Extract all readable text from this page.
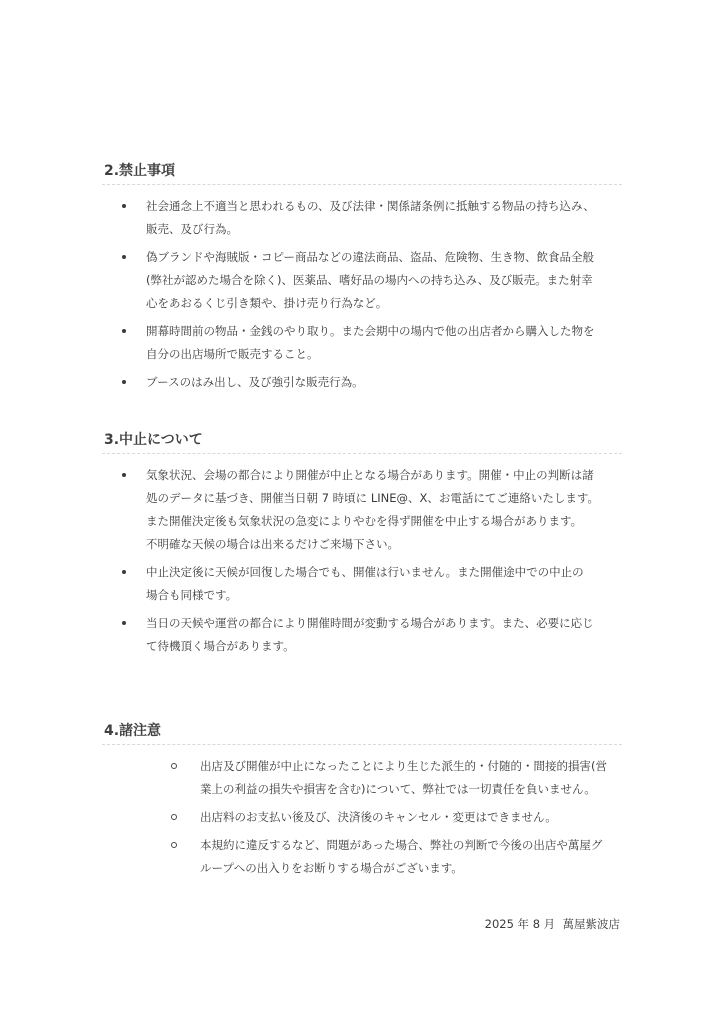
2.禁止事項
社会通念上不適当と思われるもの、及び法律・関係諸条例に抵触する物品の持ち込み、
販売、及び行為。
偽ブランドや海賊版・コピー商品などの違法商品、盗品、危険物、生き物、飲食品全般
(弊社が認めた場合を除く)、医薬品、嗜好品の場内への持ち込み、及び販売。また射幸
心をあおるくじ引き類や、掛け売り行為など。
開幕時間前の物品・金銭のやり取り。また会期中の場内で他の出店者から購入した物を
自分の出店場所で販売すること。
ブースのはみ出し、及び強引な販売行為。
3.中止について
気象状況、会場の都合により開催が中止となる場合があります。開催・中止の判断は諸
処のデータに基づき、開催当日朝 7 時頃に LINE@、X、お電話にてご連絡いたします。
また開催決定後も気象状況の急変によりやむを得ず開催を中止する場合があります。
不明確な天候の場合は出来るだけご来場下さい。
中止決定後に天候が回復した場合でも、開催は行いません。また開催途中での中止の
場合も同様です。
当日の天候や運営の都合により開催時間が変動する場合があります。また、必要に応じ
て待機頂く場合があります。
4.諸注意
出店及び開催が中止になったことにより生じた派生的・付随的・間接的損害(営
業上の利益の損失や損害を含む)について、弊社では一切責任を負いません。
出店料のお支払い後及び、決済後のキャンセル・変更はできません。
本規約に違反するなど、問題があった場合、弊社の判断で今後の出店や萬屋グ
ループへの出入りをお断りする場合がございます。

2025 年 8 月 萬屋紫波店
